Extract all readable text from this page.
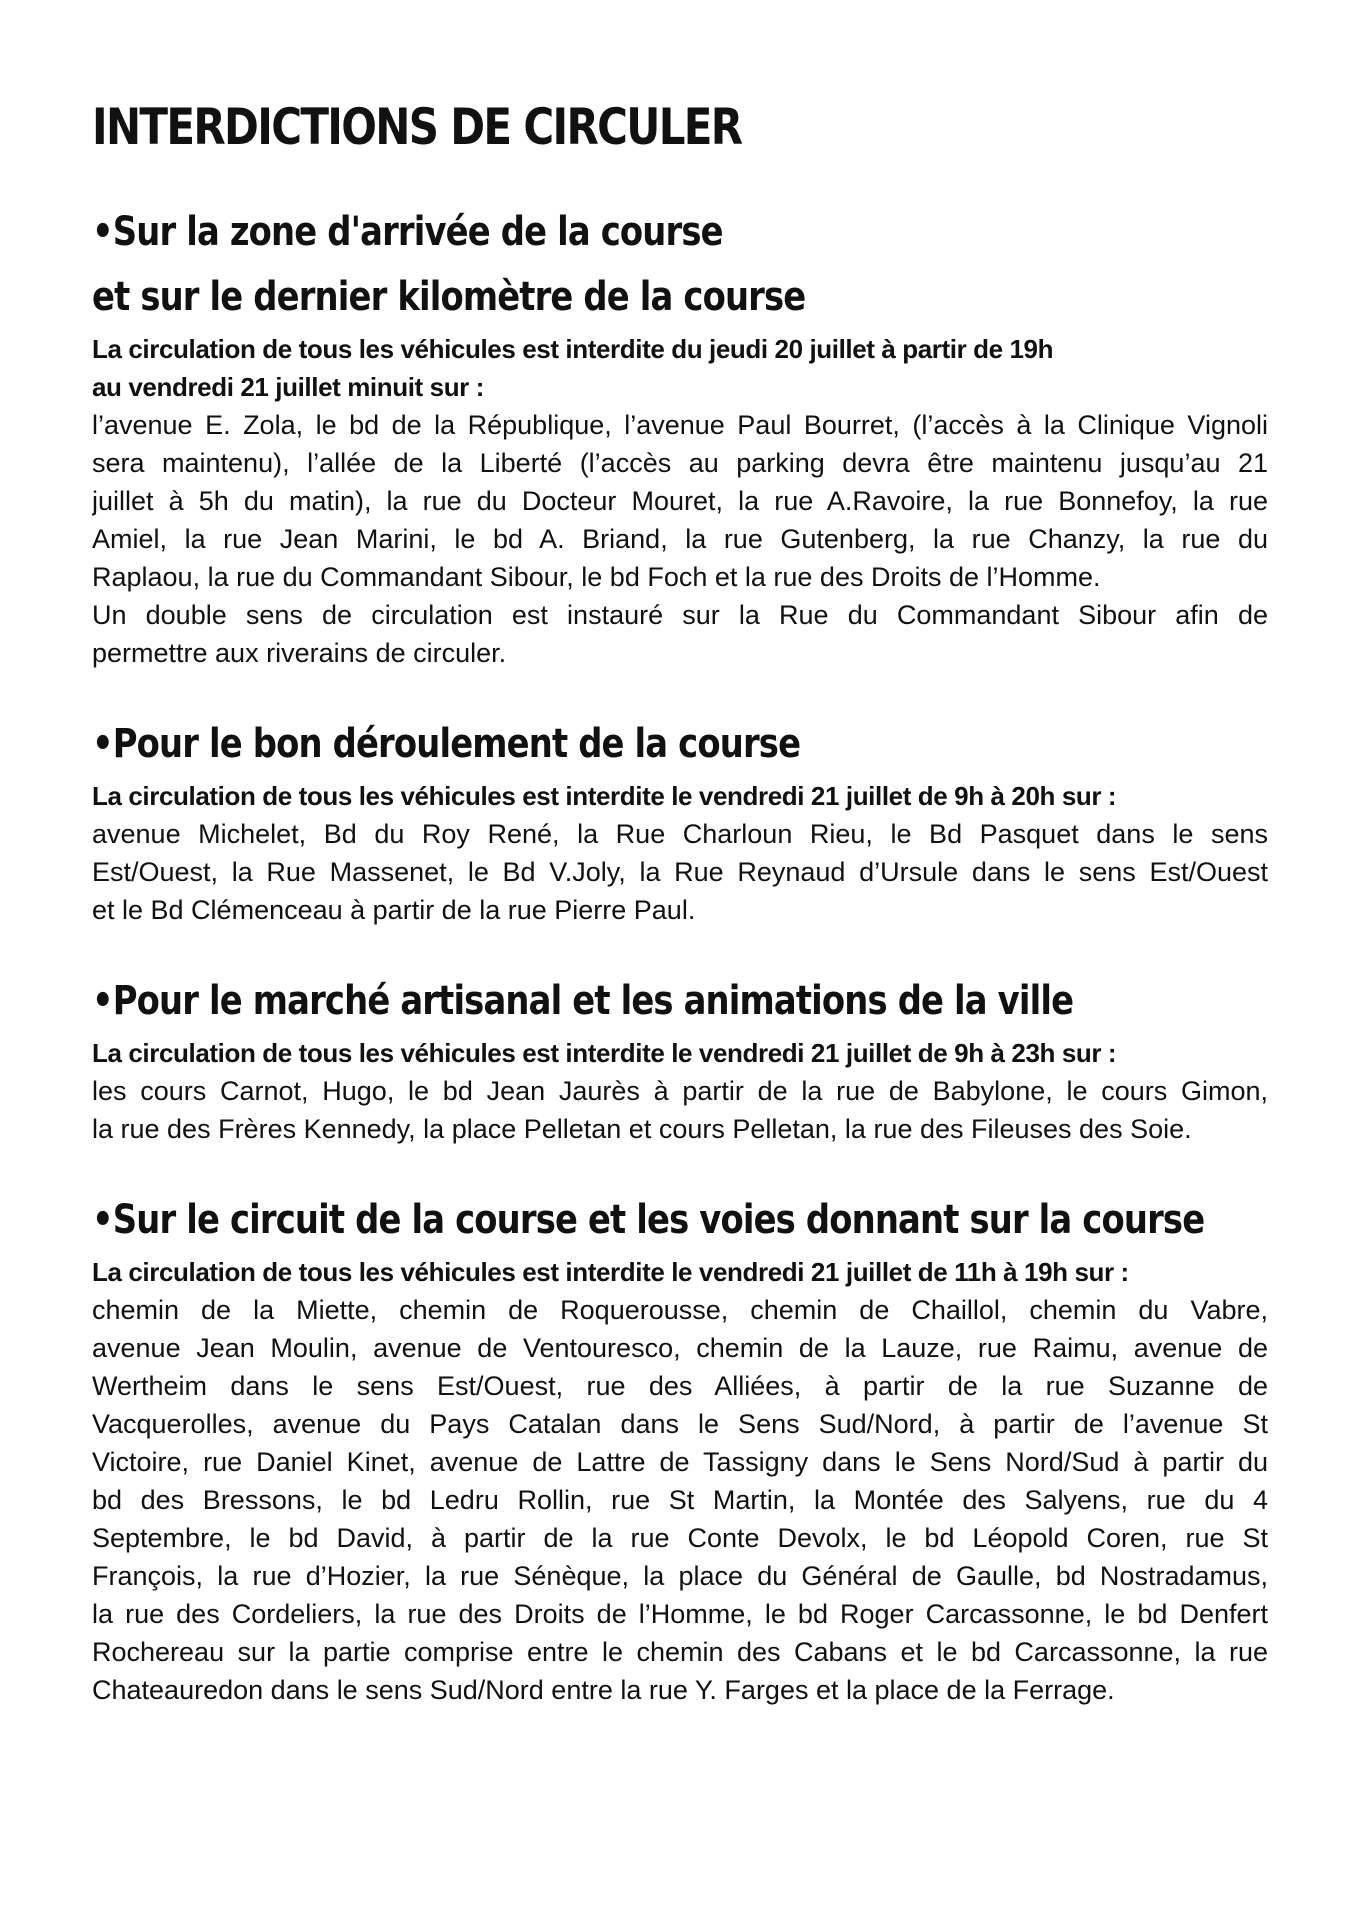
INTERDICTIONS DE CIRCULER
•Sur la zone d'arrivée de la course
et sur le dernier kilomètre de la course

La circulation de tous les véhicules est interdite du jeudi 20 juillet à partir de 19h
au vendredi 21 juillet minuit sur :

l’avenue E. Zola, le bd de la République, l’avenue Paul Bourret, (l’accès à la Clinique Vignoli
sera maintenu), l’allée de la Liberté (l’accès au parking devra être maintenu jusqu’au 21
juillet à 5h du matin), la rue du Docteur Mouret, la rue A.Ravoire, la rue Bonnefoy, la rue
Amiel, la rue Jean Marini, le bd A. Briand, la rue Gutenberg, la rue Chanzy, la rue du
Raplaou, la rue du Commandant Sibour, le bd Foch et la rue des Droits de l’Homme.
Un double sens de circulation est instauré sur la Rue du Commandant Sibour afin de
permettre aux riverains de circuler.

•Pour le bon déroulement de la course

La circulation de tous les véhicules est interdite le vendredi 21 juillet de 9h à 20h sur :

avenue Michelet, Bd du Roy René, la Rue Charloun Rieu, le Bd Pasquet dans le sens
Est/Ouest, la Rue Massenet, le Bd V.Joly, la Rue Reynaud d’Ursule dans le sens Est/Ouest
et le Bd Clémenceau à partir de la rue Pierre Paul.

•Pour le marché artisanal et les animations de la ville

La circulation de tous les véhicules est interdite le vendredi 21 juillet de 9h à 23h sur :

les cours Carnot, Hugo, le bd Jean Jaurès à partir de la rue de Babylone, le cours Gimon,
la rue des Frères Kennedy, la place Pelletan et cours Pelletan, la rue des Fileuses des Soie.

•Sur le circuit de la course et les voies donnant sur la course

La circulation de tous les véhicules est interdite le vendredi 21 juillet de 11h à 19h sur :

chemin de la Miette, chemin de Roquerousse, chemin de Chaillol, chemin du Vabre,
avenue Jean Moulin, avenue de Ventouresco, chemin de la Lauze, rue Raimu, avenue de
Wertheim dans le sens Est/Ouest, rue des Alliées, à partir de la rue Suzanne de
Vacquerolles, avenue du Pays Catalan dans le Sens Sud/Nord, à partir de l’avenue St
Victoire, rue Daniel Kinet, avenue de Lattre de Tassigny dans le Sens Nord/Sud à partir du
bd des Bressons, le bd Ledru Rollin, rue St Martin, la Montée des Salyens, rue du 4
Septembre, le bd David, à partir de la rue Conte Devolx, le bd Léopold Coren, rue St
François, la rue d’Hozier, la rue Sénèque, la place du Général de Gaulle, bd Nostradamus,
la rue des Cordeliers, la rue des Droits de l’Homme, le bd Roger Carcassonne, le bd Denfert
Rochereau sur la partie comprise entre le chemin des Cabans et le bd Carcassonne, la rue
Chateauredon dans le sens Sud/Nord entre la rue Y. Farges et la place de la Ferrage.
